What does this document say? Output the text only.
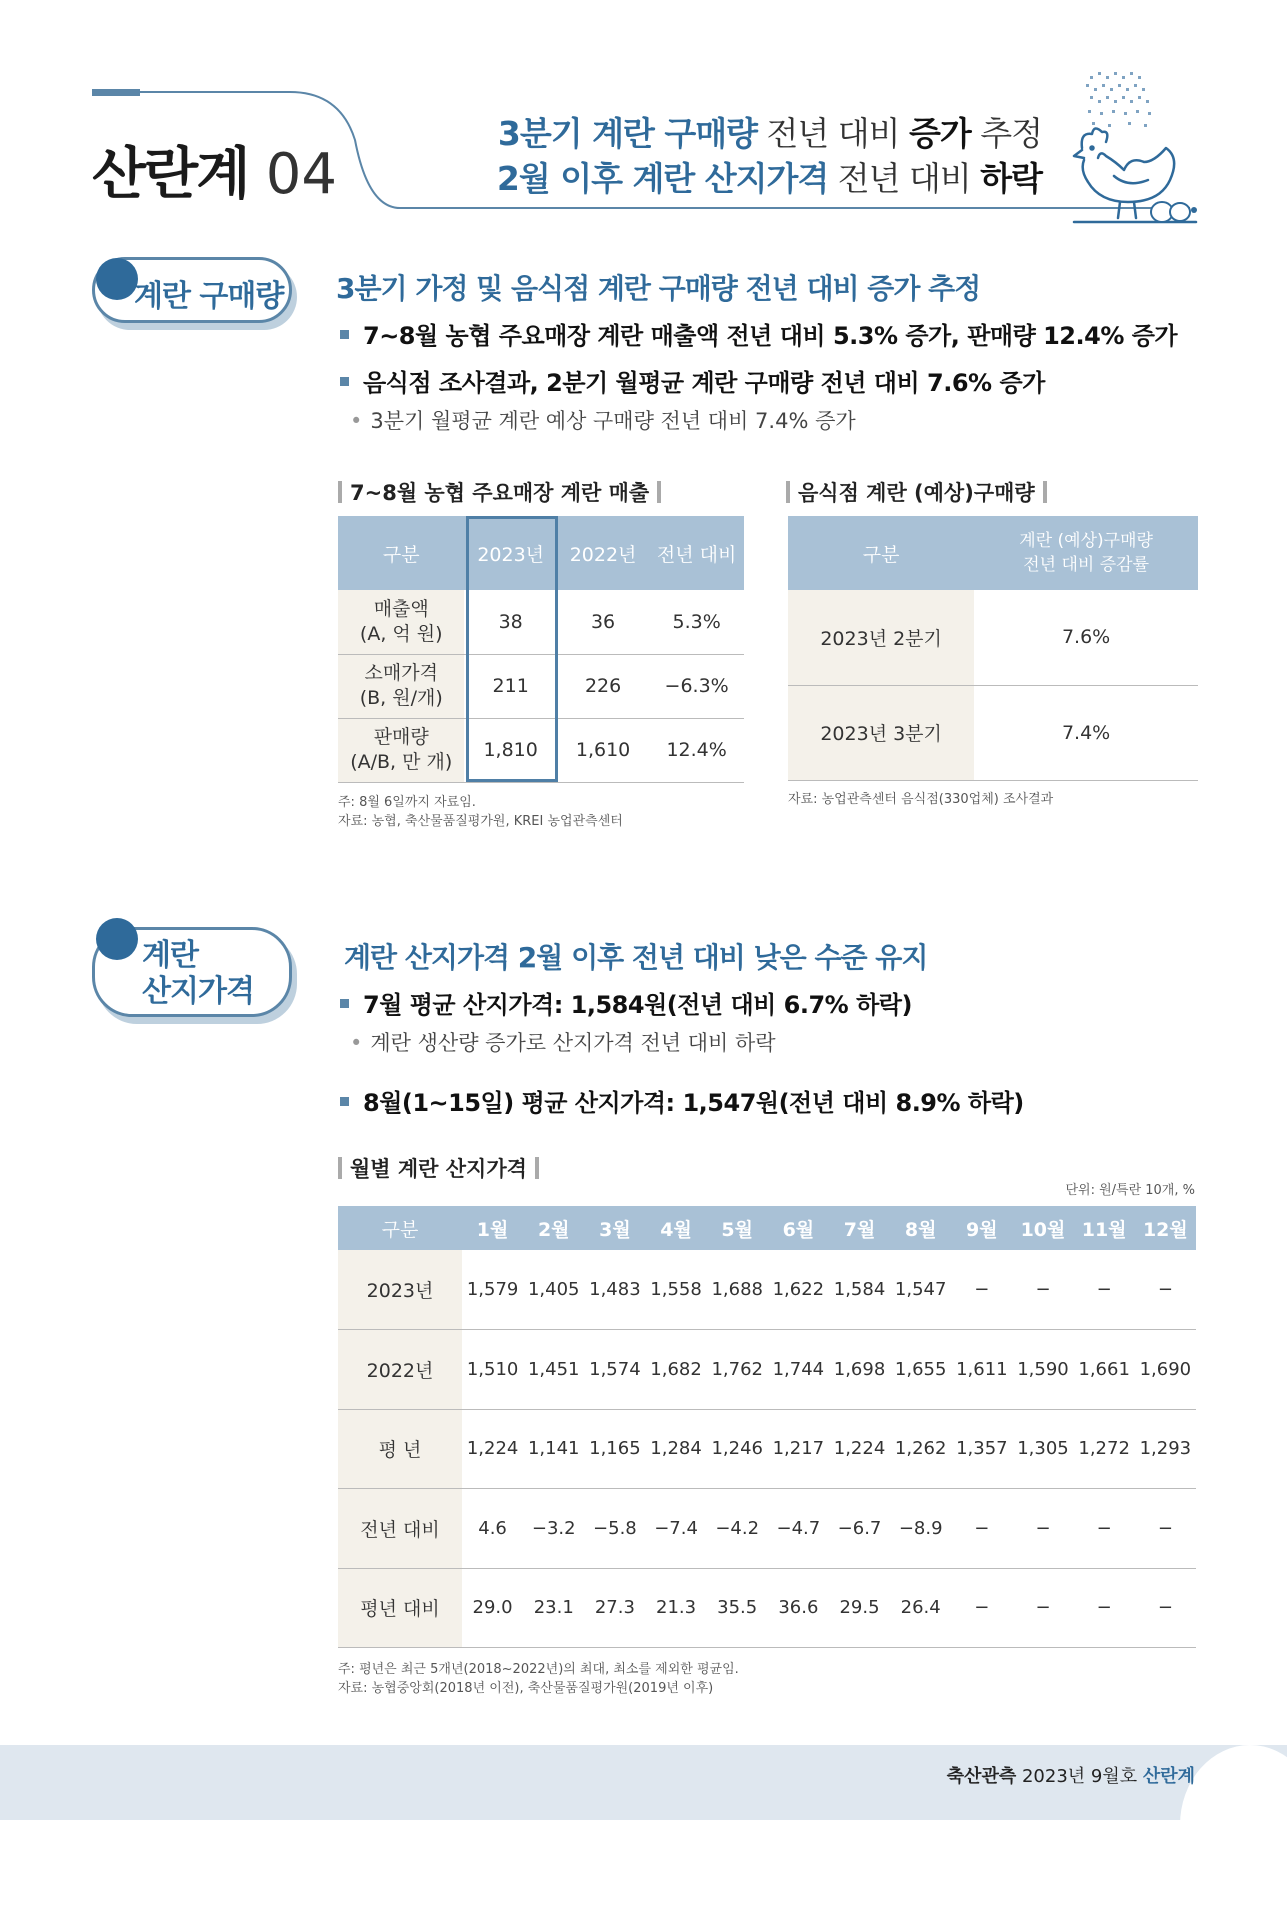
산란계 04
3분기 계란 구매량 전년 대비 증가 추정
2월 이후 계란 산지가격 전년 대비 하락
계란 구매량 3분기 가정 및 음식점 계란 구매량 전년 대비 증가 추정
7~8월 농협 주요매장 계란 매출액 전년 대비 5.3% 증가, 판매량 12.4% 증가
음식점 조사결과, 2분기 월평균 계란 구매량 전년 대비 7.6% 증가
• 3분기 월평균 계란 예상 구매량 전년 대비 7.4% 증가
7~8월 농협 주요매장 계란 매출
구분	2023년	2022년	전년 대비

매출액
(A, 억 원)	38	36	5.3%

소매가격
(B, 원/개)	211	226	−6.3%

판매량
(A/B, 만 개)	1,810	1,610	12.4%
주: 8월 6일까지 자료임.
자료: 농협, 축산물품질평가원, KREI 농업관측센터
음식점 계란 (예상)구매량
구분	계란 (예상)구매량
전년 대비 증감률

2023년 2분기	7.6%
2023년 3분기	7.4%
자료: 농업관측센터 음식점(330업체) 조사결과
계란
산지가격
계란 산지가격 2월 이후 전년 대비 낮은 수준 유지
7월 평균 산지가격: 1,584원(전년 대비 6.7% 하락)
• 계란 생산량 증가로 산지가격 전년 대비 하락
8월(1~15일) 평균 산지가격: 1,547원(전년 대비 8.9% 하락)
월별 계란 산지가격
단위: 원/특란 10개, %
구분	1월	2월	3월	4월	5월	6월	7월	8월	9월	10월	11월	12월
2023년	1,579	1,405	1,483	1,558	1,688	1,622	1,584	1,547	−	−	−	−
2022년	1,510	1,451	1,574	1,682	1,762	1,744	1,698	1,655	1,611	1,590	1,661	1,690
평 년	1,224	1,141	1,165	1,284	1,246	1,217	1,224	1,262	1,357	1,305	1,272	1,293
전년 대비	4.6	−3.2	−5.8	−7.4	−4.2	−4.7	−6.7	−8.9	−	−	−	−
평년 대비	29.0	23.1	27.3	21.3	35.5	36.6	29.5	26.4	−	−	−	−
주: 평년은 최근 5개년(2018~2022년)의 최대, 최소를 제외한 평균임.
자료: 농협중앙회(2018년 이전), 축산물품질평가원(2019년 이후)
축산관측 2023년 9월호 산란계
